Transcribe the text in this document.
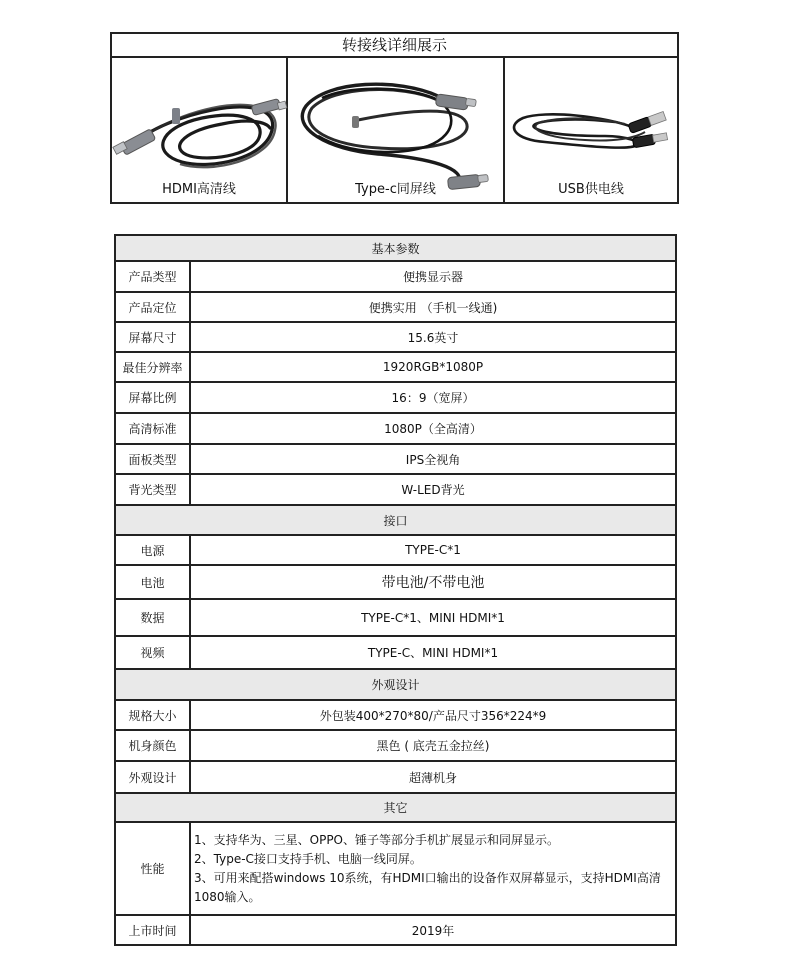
转接线详细展示
HDMI高清线	Type-c同屏线	USB供电线
基本参数	
产品类型	便携显示器
产品定位	便携实用 （手机一线通)
屏幕尺寸	15.6英寸
最佳分辨率	1920RGB*1080P
屏幕比例	16：9（宽屏）
高清标准	1080P（全高清）
面板类型	IPS全视角
背光类型	W-LED背光
接口	
电源	TYPE-C*1
电池	带电池/不带电池
数据	TYPE-C*1、MINI HDMI*1
视频	TYPE-C、MINI HDMI*1
外观设计	
规格大小	外包装400*270*80/产品尺寸356*224*9
机身颜色	黑色 ( 底壳五金拉丝)
外观设计	超薄机身
其它	
性能	1、支持华为、三星、OPPO、锤子等部分手机扩展显示和同屏显示。
2、Type-C接口支持手机、电脑一线同屏。
3、可用来配搭windows 10系统，有HDMI口输出的设备作双屏幕显示，支持HDMI高清
1080输入。

上市时间	2019年
